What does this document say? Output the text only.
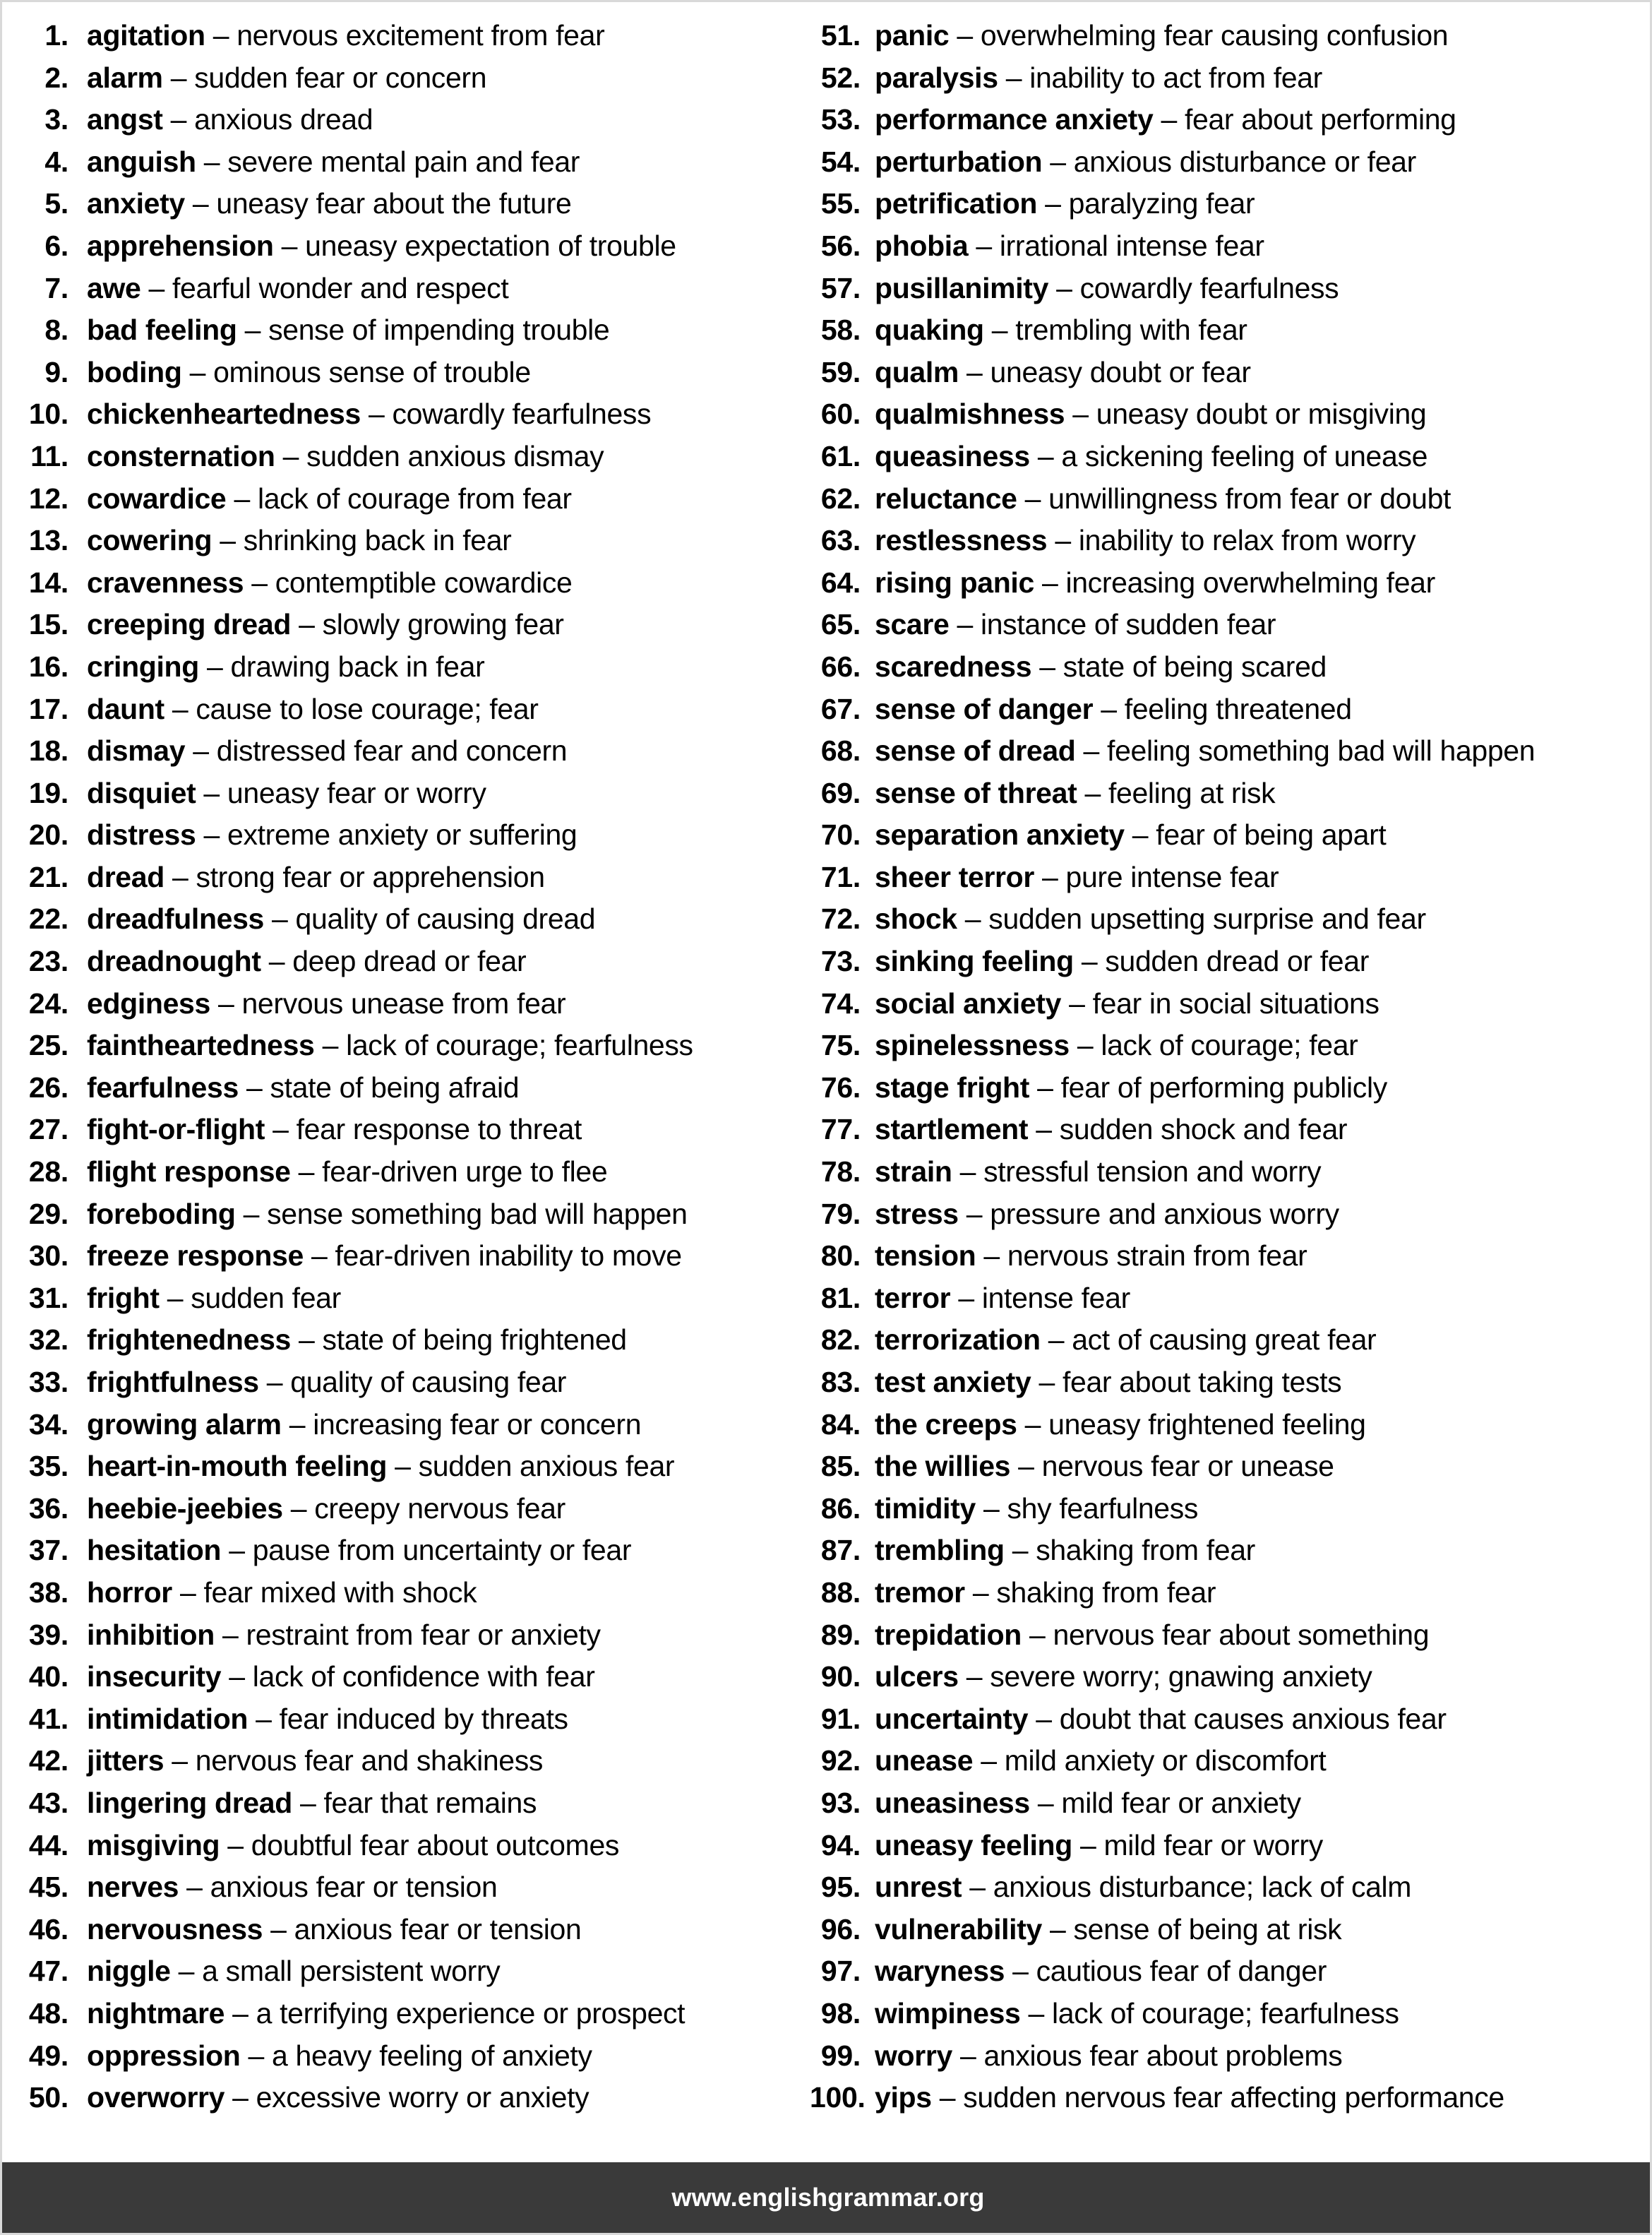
1. agitation – nervous excitement from fear
2. alarm – sudden fear or concern
3. angst – anxious dread
4. anguish – severe mental pain and fear
5. anxiety – uneasy fear about the future
6. apprehension – uneasy expectation of trouble
7. awe – fearful wonder and respect
8. bad feeling – sense of impending trouble
9. boding – ominous sense of trouble
10. chickenheartedness – cowardly fearfulness
11. consternation – sudden anxious dismay
12. cowardice – lack of courage from fear
13. cowering – shrinking back in fear
14. cravenness – contemptible cowardice
15. creeping dread – slowly growing fear
16. cringing – drawing back in fear
17. daunt – cause to lose courage; fear
18. dismay – distressed fear and concern
19. disquiet – uneasy fear or worry
20. distress – extreme anxiety or suffering
21. dread – strong fear or apprehension
22. dreadfulness – quality of causing dread
23. dreadnought – deep dread or fear
24. edginess – nervous unease from fear
25. faintheartedness – lack of courage; fearfulness
26. fearfulness – state of being afraid
27. fight-or-flight – fear response to threat
28. flight response – fear-driven urge to flee
29. foreboding – sense something bad will happen
30. freeze response – fear-driven inability to move
31. fright – sudden fear
32. frightenedness – state of being frightened
33. frightfulness – quality of causing fear
34. growing alarm – increasing fear or concern
35. heart-in-mouth feeling – sudden anxious fear
36. heebie-jeebies – creepy nervous fear
37. hesitation – pause from uncertainty or fear
38. horror – fear mixed with shock
39. inhibition – restraint from fear or anxiety
40. insecurity – lack of confidence with fear
41. intimidation – fear induced by threats
42. jitters – nervous fear and shakiness
43. lingering dread – fear that remains
44. misgiving – doubtful fear about outcomes
45. nerves – anxious fear or tension
46. nervousness – anxious fear or tension
47. niggle – a small persistent worry
48. nightmare – a terrifying experience or prospect
49. oppression – a heavy feeling of anxiety
50. overworry – excessive worry or anxiety
51. panic – overwhelming fear causing confusion
52. paralysis – inability to act from fear
53. performance anxiety – fear about performing
54. perturbation – anxious disturbance or fear
55. petrification – paralyzing fear
56. phobia – irrational intense fear
57. pusillanimity – cowardly fearfulness
58. quaking – trembling with fear
59. qualm – uneasy doubt or fear
60. qualmishness – uneasy doubt or misgiving
61. queasiness – a sickening feeling of unease
62. reluctance – unwillingness from fear or doubt
63. restlessness – inability to relax from worry
64. rising panic – increasing overwhelming fear
65. scare – instance of sudden fear
66. scaredness – state of being scared
67. sense of danger – feeling threatened
68. sense of dread – feeling something bad will happen
69. sense of threat – feeling at risk
70. separation anxiety – fear of being apart
71. sheer terror – pure intense fear
72. shock – sudden upsetting surprise and fear
73. sinking feeling – sudden dread or fear
74. social anxiety – fear in social situations
75. spinelessness – lack of courage; fear
76. stage fright – fear of performing publicly
77. startlement – sudden shock and fear
78. strain – stressful tension and worry
79. stress – pressure and anxious worry
80. tension – nervous strain from fear
81. terror – intense fear
82. terrorization – act of causing great fear
83. test anxiety – fear about taking tests
84. the creeps – uneasy frightened feeling
85. the willies – nervous fear or unease
86. timidity – shy fearfulness
87. trembling – shaking from fear
88. tremor – shaking from fear
89. trepidation – nervous fear about something
90. ulcers – severe worry; gnawing anxiety
91. uncertainty – doubt that causes anxious fear
92. unease – mild anxiety or discomfort
93. uneasiness – mild fear or anxiety
94. uneasy feeling – mild fear or worry
95. unrest – anxious disturbance; lack of calm
96. vulnerability – sense of being at risk
97. waryness – cautious fear of danger
98. wimpiness – lack of courage; fearfulness
99. worry – anxious fear about problems
100. yips – sudden nervous fear affecting performance
www.englishgrammar.org
